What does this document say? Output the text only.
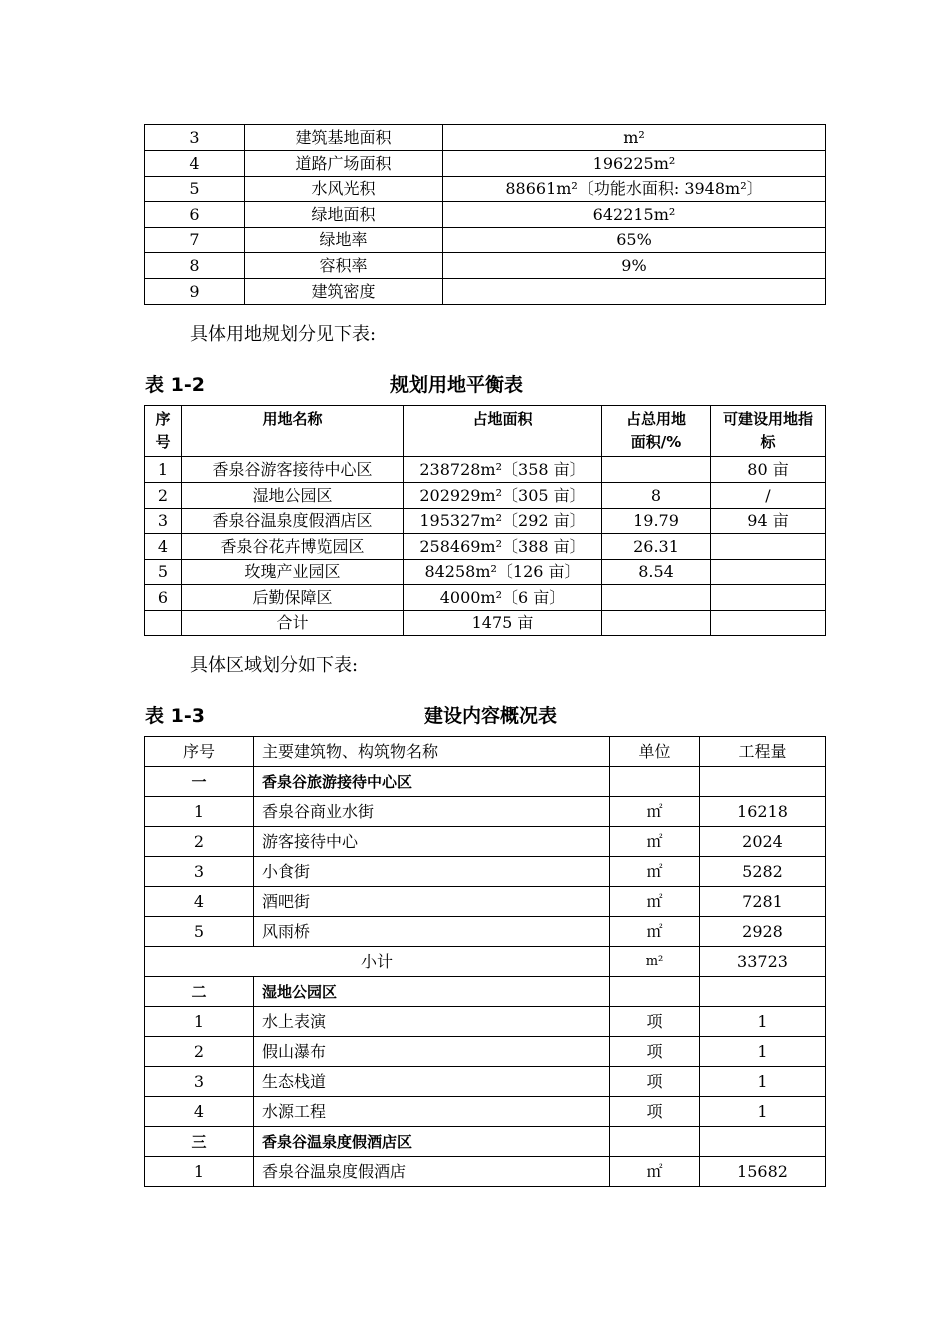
3	建筑基地面积	m²
4	道路广场面积	196225m²
5	水风光积	88661m²〔功能水面积: 3948m²〕
6	绿地面积	642215m²
7	绿地率	65%
8	容积率	9%
9	建筑密度	
具体用地规划分见下表:
表 1-2	规划用地平衡表
序号	用地名称	占地面积	占总用地面积/%	可建设用地指标
1	香泉谷游客接待中心区	238728m²〔358 亩〕		80 亩
2	湿地公园区	202929m²〔305 亩〕	8	/
3	香泉谷温泉度假酒店区	195327m²〔292 亩〕	19.79	94 亩
4	香泉谷花卉博览园区	258469m²〔388 亩〕	26.31	
5	玫瑰产业园区	84258m²〔126 亩〕	8.54	
6	后勤保障区	4000m²〔6 亩〕		
	合计	1475 亩		
具体区域划分如下表:
表 1-3	建设内容概况表
序号	主要建筑物、构筑物名称	单位	工程量
一	香泉谷旅游接待中心区		
1	香泉谷商业水街	㎡	16218
2	游客接待中心	㎡	2024
3	小食街	㎡	5282
4	酒吧街	㎡	7281
5	风雨桥	㎡	2928
小计		m²	33723
二	湿地公园区		
1	水上表演	项	1
2	假山瀑布	项	1
3	生态栈道	项	1
4	水源工程	项	1
三	香泉谷温泉度假酒店区		
1	香泉谷温泉度假酒店	㎡	15682
